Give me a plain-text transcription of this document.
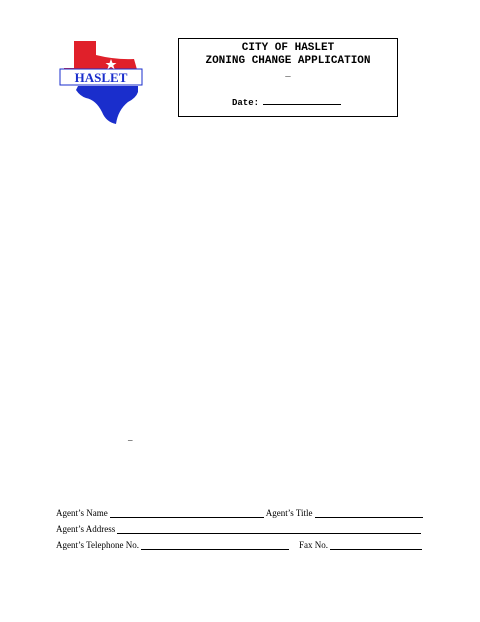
HASLET
CITY OF HASLET
ZONING CHANGE APPLICATION
_
Date:
_
Agent’s Name	Agent’s Title
Agent’s Address
Agent’s Telephone No.	Fax No.
